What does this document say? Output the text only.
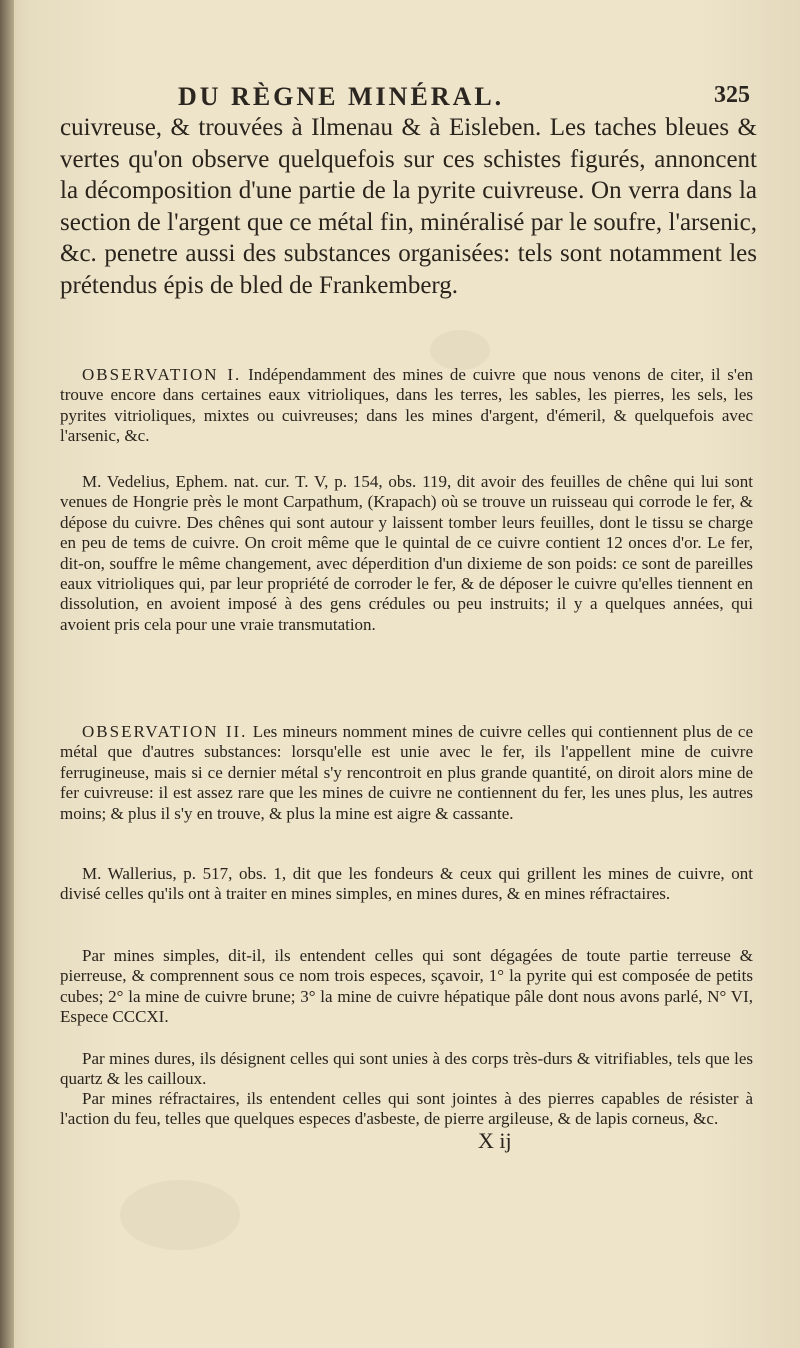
DU RÈGNE MINÉRAL.	325
cuivreuse, & trouvées à Ilmenau & à Eisleben. Les taches bleues & vertes qu'on observe quelquefois sur ces schistes figurés, annoncent la décomposition d'une partie de la pyrite cuivreuse. On verra dans la section de l'argent que ce métal fin, minéralisé par le soufre, l'arsenic, &c. penetre aussi des substances organisées: tels sont notamment les prétendus épis de bled de Frankemberg.

OBSERVATION I. Indépendamment des mines de cuivre que nous venons de citer, il s'en trouve encore dans certaines eaux vitrioliques, dans les terres, les sables, les pierres, les sels, les pyrites vitrioliques, mixtes ou cuivreuses; dans les mines d'argent, d'émeril, & quelquefois avec l'arsenic, &c.

M. Vedelius, Ephem. nat. cur. T. V, p. 154, obs. 119, dit avoir des feuilles de chêne qui lui sont venues de Hongrie près le mont Carpathum, (Krapach) où se trouve un ruisseau qui corrode le fer, & dépose du cuivre. Des chênes qui sont autour y laissent tomber leurs feuilles, dont le tissu se charge en peu de tems de cuivre. On croit même que le quintal de ce cuivre contient 12 onces d'or. Le fer, dit-on, souffre le même changement, avec déperdition d'un dixieme de son poids: ce sont de pareilles eaux vitrioliques qui, par leur propriété de corroder le fer, & de déposer le cuivre qu'elles tiennent en dissolution, en avoient imposé à des gens crédules ou peu instruits; il y a quelques années, qui avoient pris cela pour une vraie transmutation.

OBSERVATION II. Les mineurs nomment mines de cuivre celles qui contiennent plus de ce métal que d'autres substances: lorsqu'elle est unie avec le fer, ils l'appellent mine de cuivre ferrugineuse, mais si ce dernier métal s'y rencontroit en plus grande quantité, on diroit alors mine de fer cuivreuse: il est assez rare que les mines de cuivre ne contiennent du fer, les unes plus, les autres moins; & plus il s'y en trouve, & plus la mine est aigre & cassante.

M. Wallerius, p. 517, obs. 1, dit que les fondeurs & ceux qui grillent les mines de cuivre, ont divisé celles qu'ils ont à traiter en mines simples, en mines dures, & en mines réfractaires.

Par mines simples, dit-il, ils entendent celles qui sont dégagées de toute partie terreuse & pierreuse, & comprennent sous ce nom trois especes, sçavoir, 1° la pyrite qui est composée de petits cubes; 2° la mine de cuivre brune; 3° la mine de cuivre hépatique pâle dont nous avons parlé, N° VI, Espece CCCXI.

Par mines dures, ils désignent celles qui sont unies à des corps très-durs & vitrifiables, tels que les quartz & les cailloux.

Par mines réfractaires, ils entendent celles qui sont jointes à des pierres capables de résister à l'action du feu, telles que quelques especes d'asbeste, de pierre argileuse, & de lapis corneus, &c.

X ij
